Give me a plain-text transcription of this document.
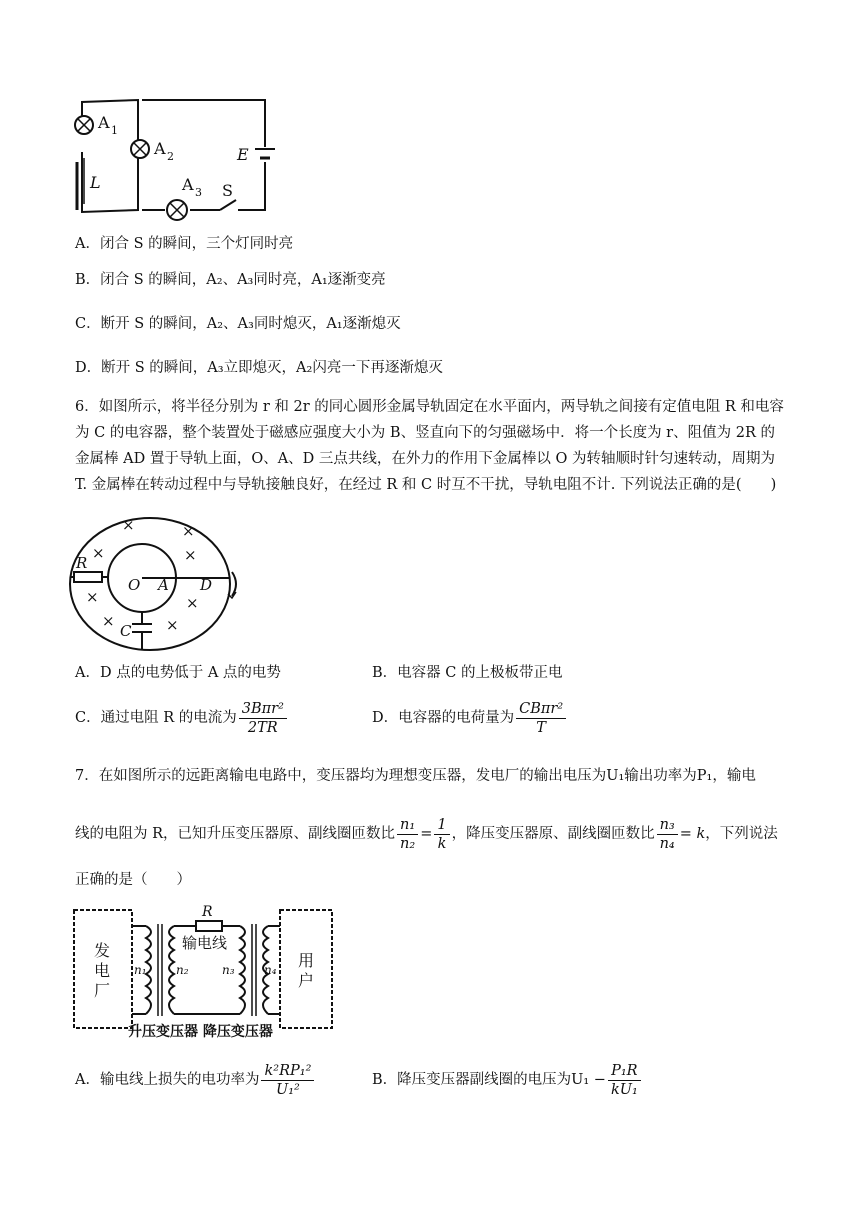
A 1
A 2
A 3
L
E
S
A．闭合 S 的瞬间，三个灯同时亮
B．闭合 S 的瞬间，A₂、A₃同时亮，A₁逐渐变亮
C．断开 S 的瞬间，A₂、A₃同时熄灭，A₁逐渐熄灭
D．断开 S 的瞬间，A₃立即熄灭，A₂闪亮一下再逐渐熄灭
6．如图所示，将半径分别为 r 和 2r 的同心圆形金属导轨固定在水平面内，两导轨之间接有定值电阻 R 和电容
为 C 的电容器，整个装置处于磁感应强度大小为 B、竖直向下的匀强磁场中．将一个长度为 r、阻值为 2R 的
金属棒 AD 置于导轨上面，O、A、D 三点共线，在外力的作用下金属棒以 O 为转轴顺时针匀速转动，周期为
T. 金属棒在转动过程中与导轨接触良好，在经过 R 和 C 时互不干扰，导轨电阻不计. 下列说法正确的是(　　)
×	×
×	×
×	×
×	×
R
O A D
C
A．D 点的电势低于 A 点的电势	B．电容器 C 的上极板带正电
C．通过电阻 R 的电流为 $\frac{\text{3Bπr²}}{2TR}$	D．电容器的电荷量为 $\frac{\text{CBπr²}}{T}$
7．在如图所示的远距离输电电路中，变压器均为理想变压器，发电厂的输出电压为U₁输出功率为P₁，输电
线的电阻为 R，已知升压变压器原、副线圈匝数比 $\frac{\text{n₁}}{\text{n₂}} = \frac{1}{k}$ ，降压变压器原、副线圈匝数比 $\frac{\text{n₃}}{\text{n₄}} = k$，下列说法
正确的是（　　）
R
输电线
发
电
厂
用
户
n₁ n₂	n₃ n₄
升压变压器 降压变压器
A．输电线上损失的电功率为 $\frac{\text{k²RP₁²}}{\text{U₁²}}$	B．降压变压器副线圈的电压为$U_1 - \frac{\text{P₁R}}{\text{kU₁}}$
